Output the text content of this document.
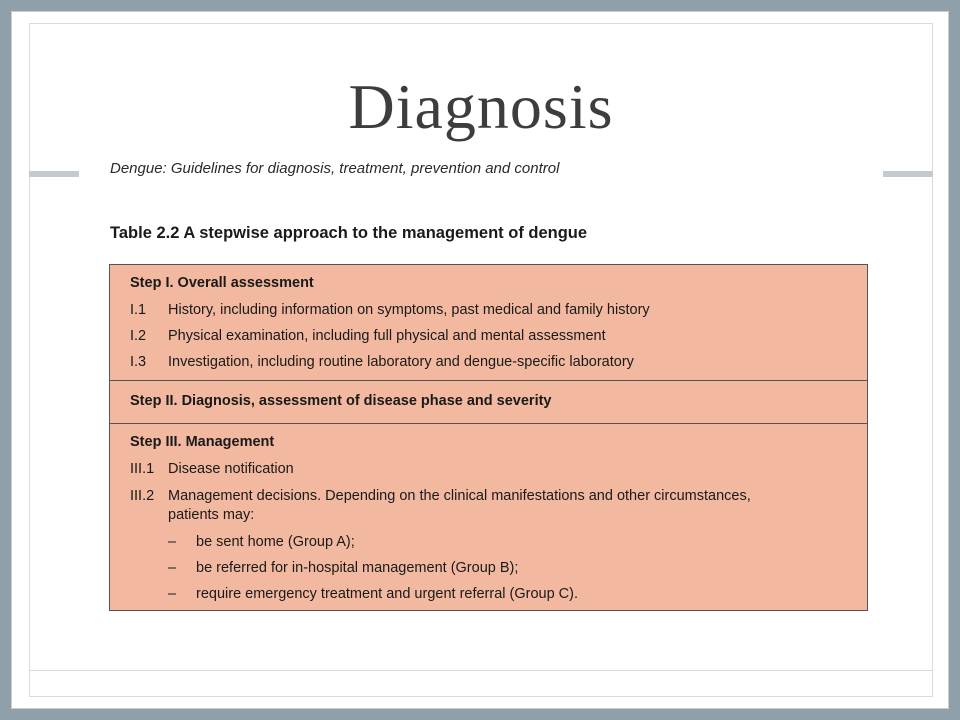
Diagnosis
Dengue: Guidelines for diagnosis, treatment, prevention and control
Table 2.2 A stepwise approach to the management of dengue
Step I. Overall assessment
I.1 History, including information on symptoms, past medical and family history
I.2 Physical examination, including full physical and mental assessment
I.3 Investigation, including routine laboratory and dengue-specific laboratory
Step II. Diagnosis, assessment of disease phase and severity
Step III. Management
III.1 Disease notification
III.2 Management decisions. Depending on the clinical manifestations and other circumstances,
patients may:
– be sent home (Group A);
– be referred for in-hospital management (Group B);
– require emergency treatment and urgent referral (Group C).
